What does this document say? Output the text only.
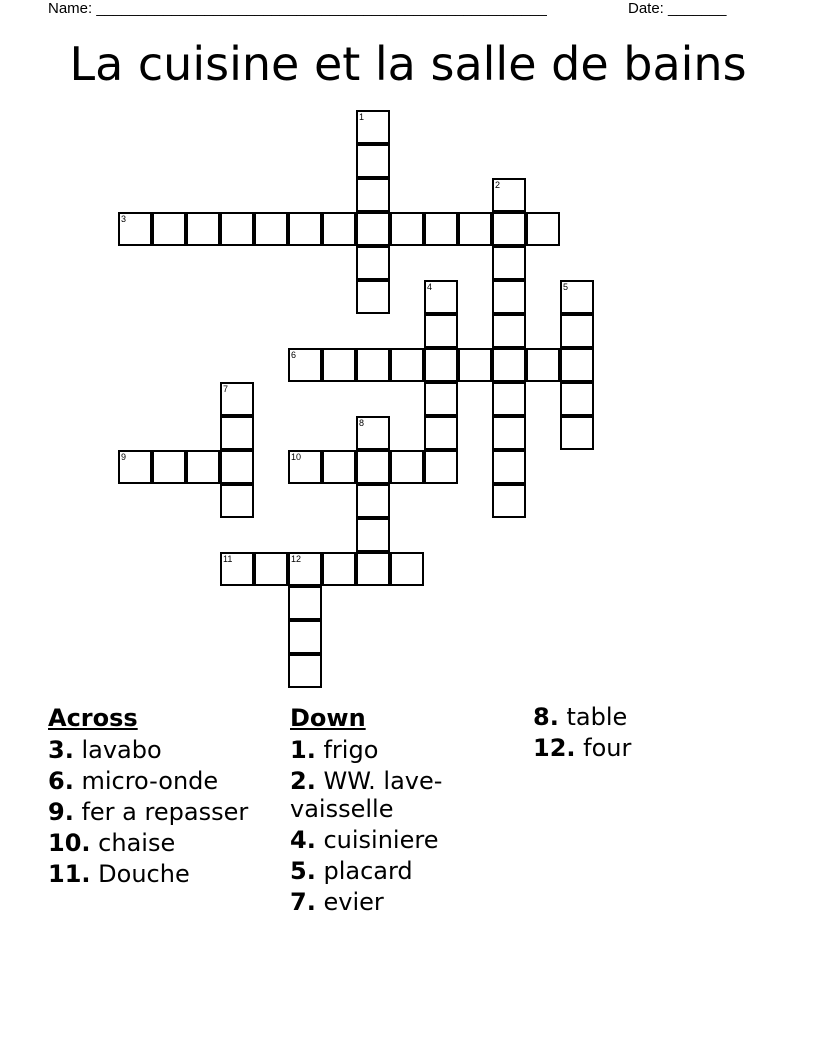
Name: ______________________________________________________	Date: _______
La cuisine et la salle de bains
1
2
3
4	5
6
7
8
9	10
11	12
Across
3. lavabo
6. micro-onde
9. fer a repasser
10. chaise
11. Douche
Down
1. frigo
2. WW. lave-vaisselle
4. cuisiniere
5. placard
7. evier
8. table
12. four
